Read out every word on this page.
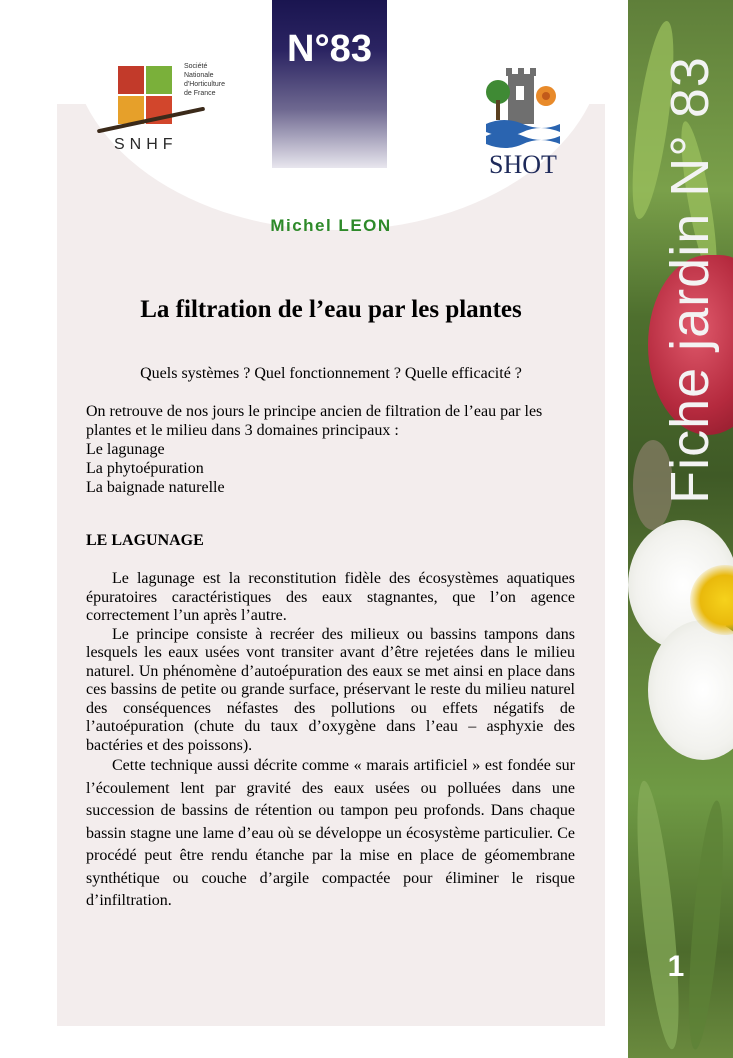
Fiche jardin N° 83
1
N°83
Société
Nationale
d'Horticulture
de France
SNHF
SHOT
Michel LEON
La filtration de l’eau par les plantes
Quels systèmes ? Quel fonctionnement ? Quelle efficacité ?

On retrouve de nos jours le principe ancien de filtration de l’eau par les plantes et le milieu dans 3 domaines principaux :

Le lagunage

La phytoépuration

La baignade naturelle

LE LAGUNAGE

Le lagunage est la reconstitution fidèle des écosystèmes aquatiques épuratoires caractéristiques des eaux stagnantes, que l’on agence correctement l’un après l’autre.

Le principe consiste à recréer des milieux ou bassins tampons dans lesquels les eaux usées vont transiter avant d’être rejetées dans le milieu naturel. Un phénomène d’autoépuration des eaux se met ainsi en place dans ces bassins de petite ou grande surface, préservant le reste du milieu naturel des conséquences néfastes des pollutions ou effets négatifs de l’autoépuration (chute du taux d’oxygène dans l’eau – asphyxie des bactéries et des poissons).

Cette technique aussi décrite comme « marais artificiel » est fondée sur l’écoulement lent par gravité des eaux usées ou polluées dans une succession de bassins de rétention ou tampon peu profonds. Dans chaque bassin stagne une lame d’eau où se développe un écosystème particulier. Ce procédé peut être rendu étanche par la mise en place de géomembrane synthétique ou couche d’argile compactée pour éliminer le risque d’infiltration.
